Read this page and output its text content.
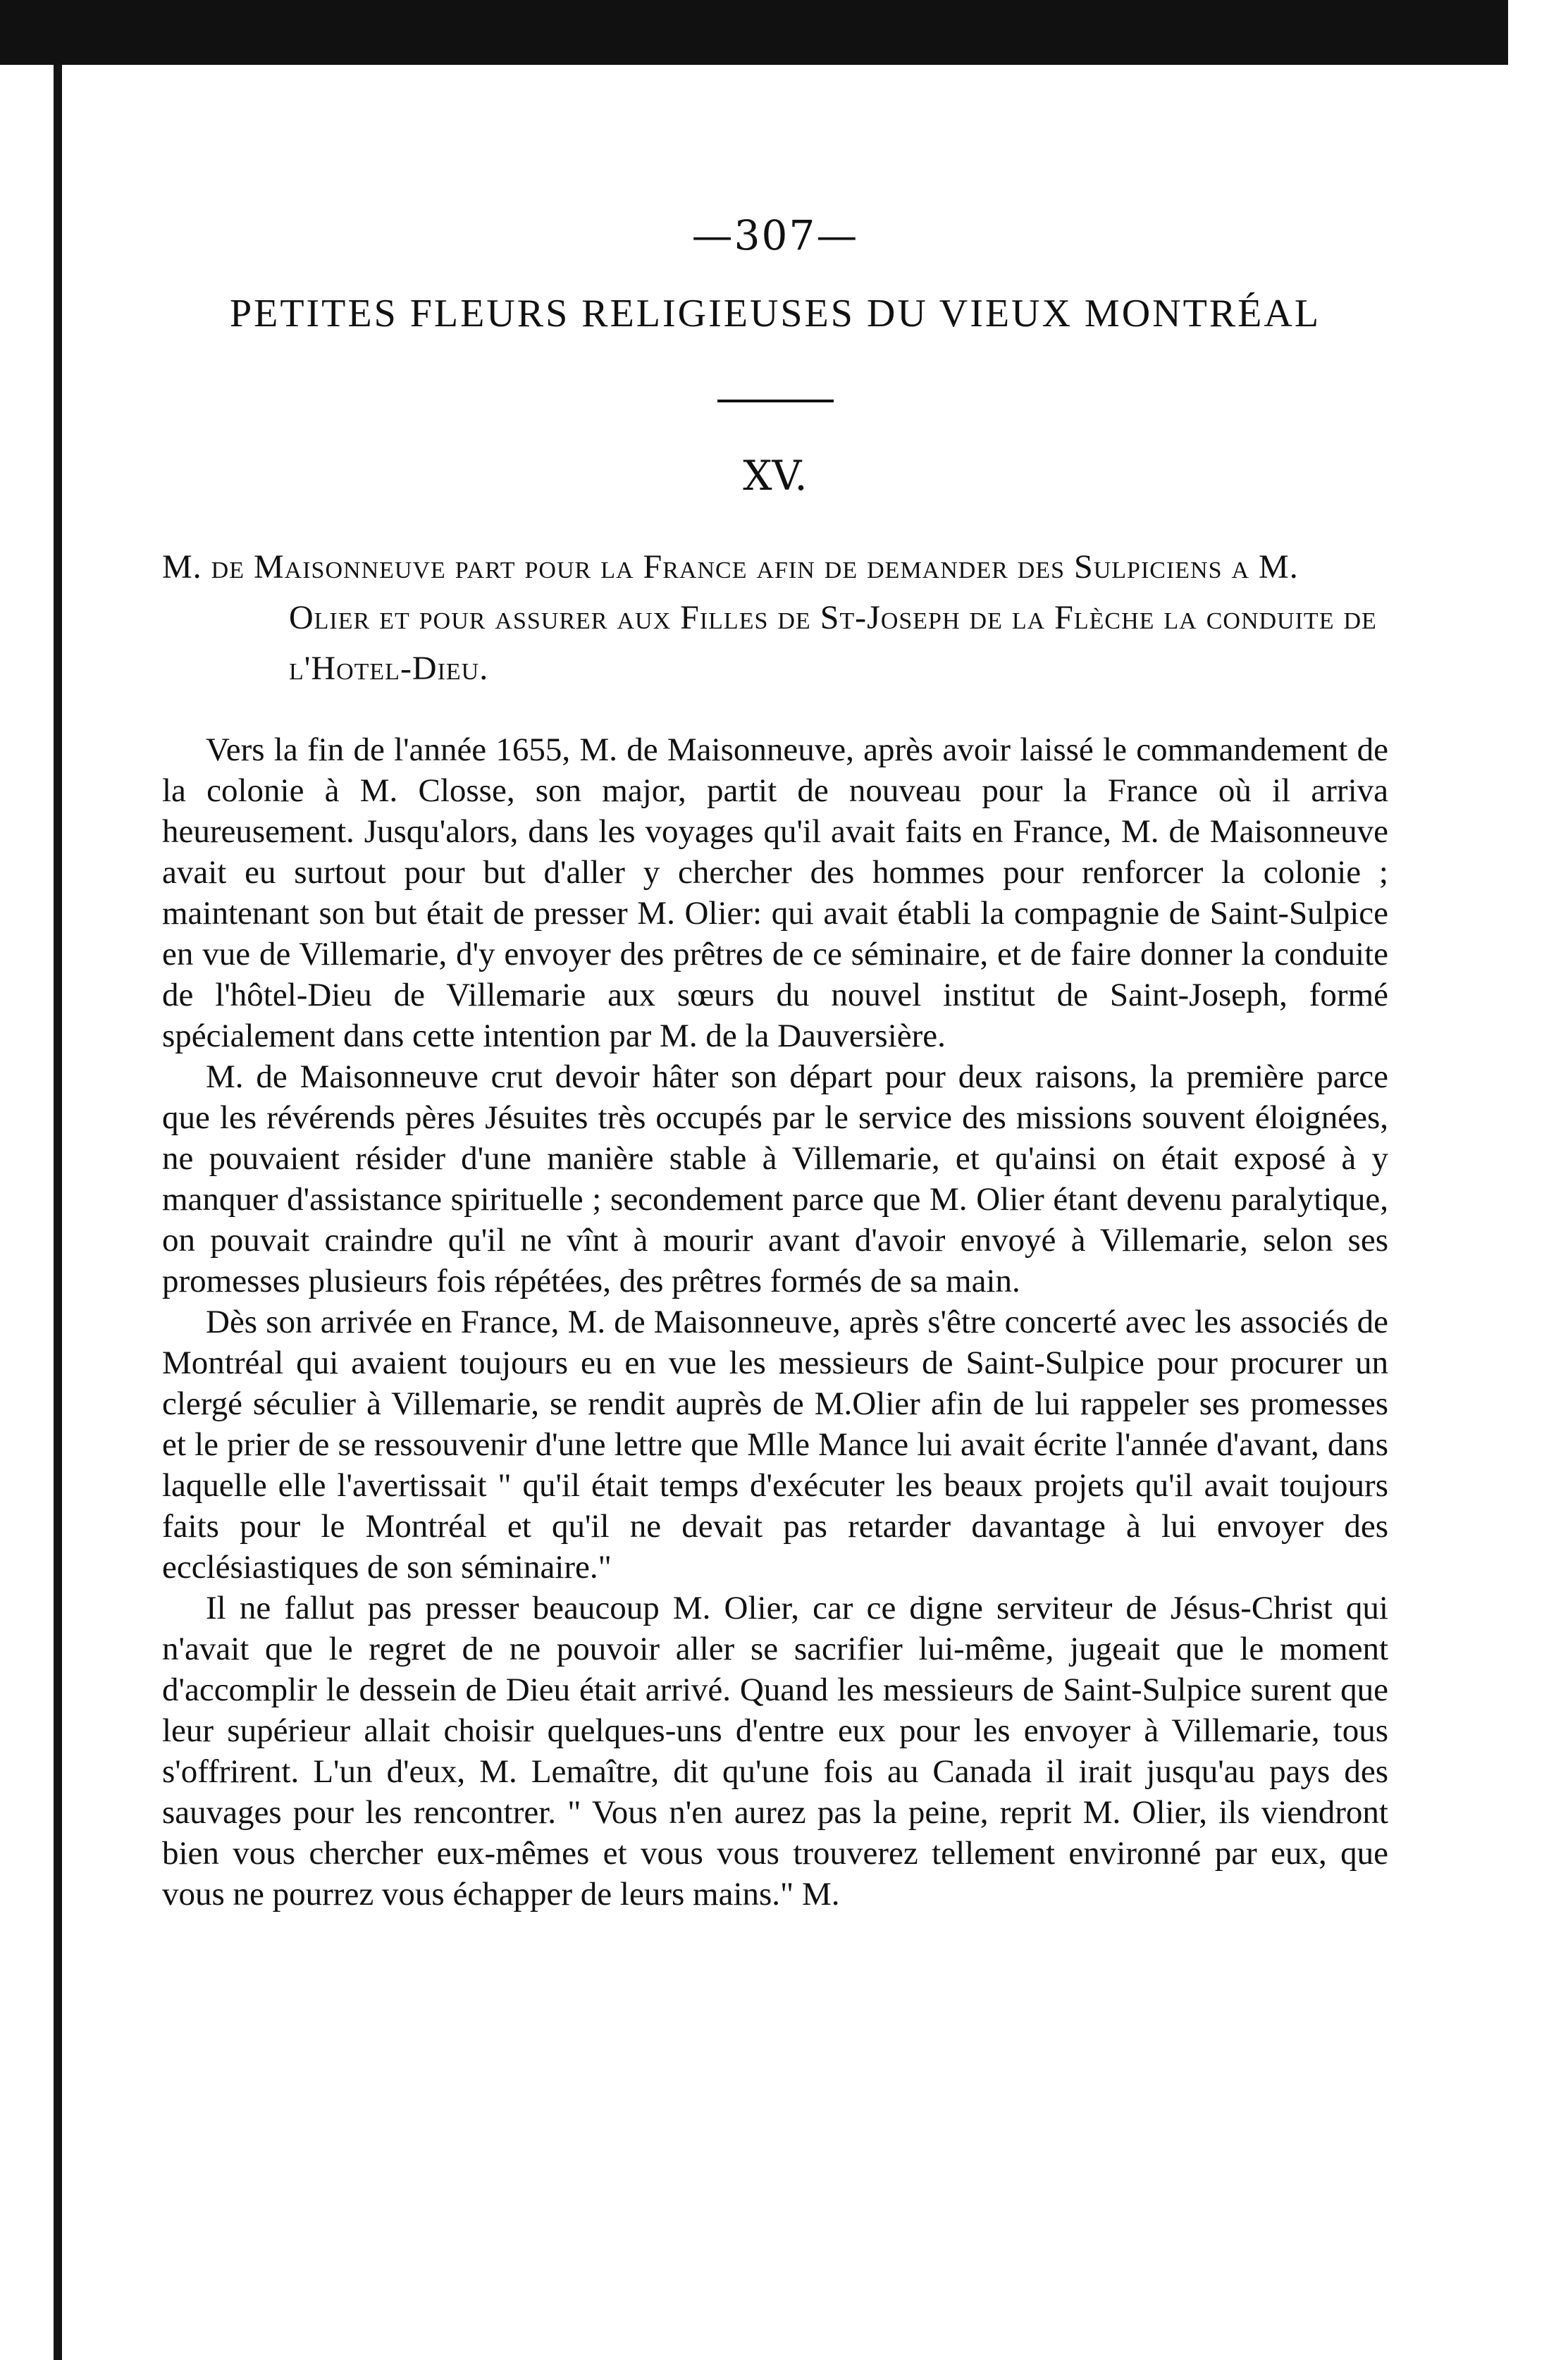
—307—
PETITES FLEURS RELIGIEUSES DU VIEUX MONTRÉAL
XV.
M. de Maisonneuve part pour la France afin de demander des Sulpiciens a M. Olier et pour assurer aux Filles de St-Joseph de la Flèche la conduite de l'Hotel-Dieu.

Vers la fin de l'année 1655, M. de Maisonneuve, après avoir laissé le commandement de la colonie à M. Closse, son major, partit de nouveau pour la France où il arriva heureusement. Jusqu'alors, dans les voyages qu'il avait faits en France, M. de Maisonneuve avait eu surtout pour but d'aller y chercher des hommes pour renforcer la colonie ; maintenant son but était de presser M. Olier: qui avait établi la compagnie de Saint-Sulpice en vue de Villemarie, d'y envoyer des prêtres de ce séminaire, et de faire donner la conduite de l'hôtel-Dieu de Villemarie aux sœurs du nouvel institut de Saint-Joseph, formé spécialement dans cette intention par M. de la Dauversière.

M. de Maisonneuve crut devoir hâter son départ pour deux raisons, la première parce que les révérends pères Jésuites très occupés par le service des missions souvent éloignées, ne pouvaient résider d'une manière stable à Villemarie, et qu'ainsi on était exposé à y manquer d'assistance spirituelle ; secondement parce que M. Olier étant devenu paralytique, on pouvait craindre qu'il ne vînt à mourir avant d'avoir envoyé à Villemarie, selon ses promesses plusieurs fois répétées, des prêtres formés de sa main.

Dès son arrivée en France, M. de Maisonneuve, après s'être concerté avec les associés de Montréal qui avaient toujours eu en vue les messieurs de Saint-Sulpice pour procurer un clergé séculier à Villemarie, se rendit auprès de M.Olier afin de lui rappeler ses promesses et le prier de se ressouvenir d'une lettre que Mlle Mance lui avait écrite l'année d'avant, dans laquelle elle l'avertissait " qu'il était temps d'exécuter les beaux projets qu'il avait toujours faits pour le Montréal et qu'il ne devait pas retarder davantage à lui envoyer des ecclésiastiques de son séminaire."

Il ne fallut pas presser beaucoup M. Olier, car ce digne serviteur de Jésus-Christ qui n'avait que le regret de ne pouvoir aller se sacrifier lui-même, jugeait que le moment d'accomplir le dessein de Dieu était arrivé. Quand les messieurs de Saint-Sulpice surent que leur supérieur allait choisir quelques-uns d'entre eux pour les envoyer à Villemarie, tous s'offrirent. L'un d'eux, M. Lemaître, dit qu'une fois au Canada il irait jusqu'au pays des sauvages pour les rencontrer. " Vous n'en aurez pas la peine, reprit M. Olier, ils viendront bien vous chercher eux-mêmes et vous vous trouverez tellement environné par eux, que vous ne pourrez vous échapper de leurs mains." M.
